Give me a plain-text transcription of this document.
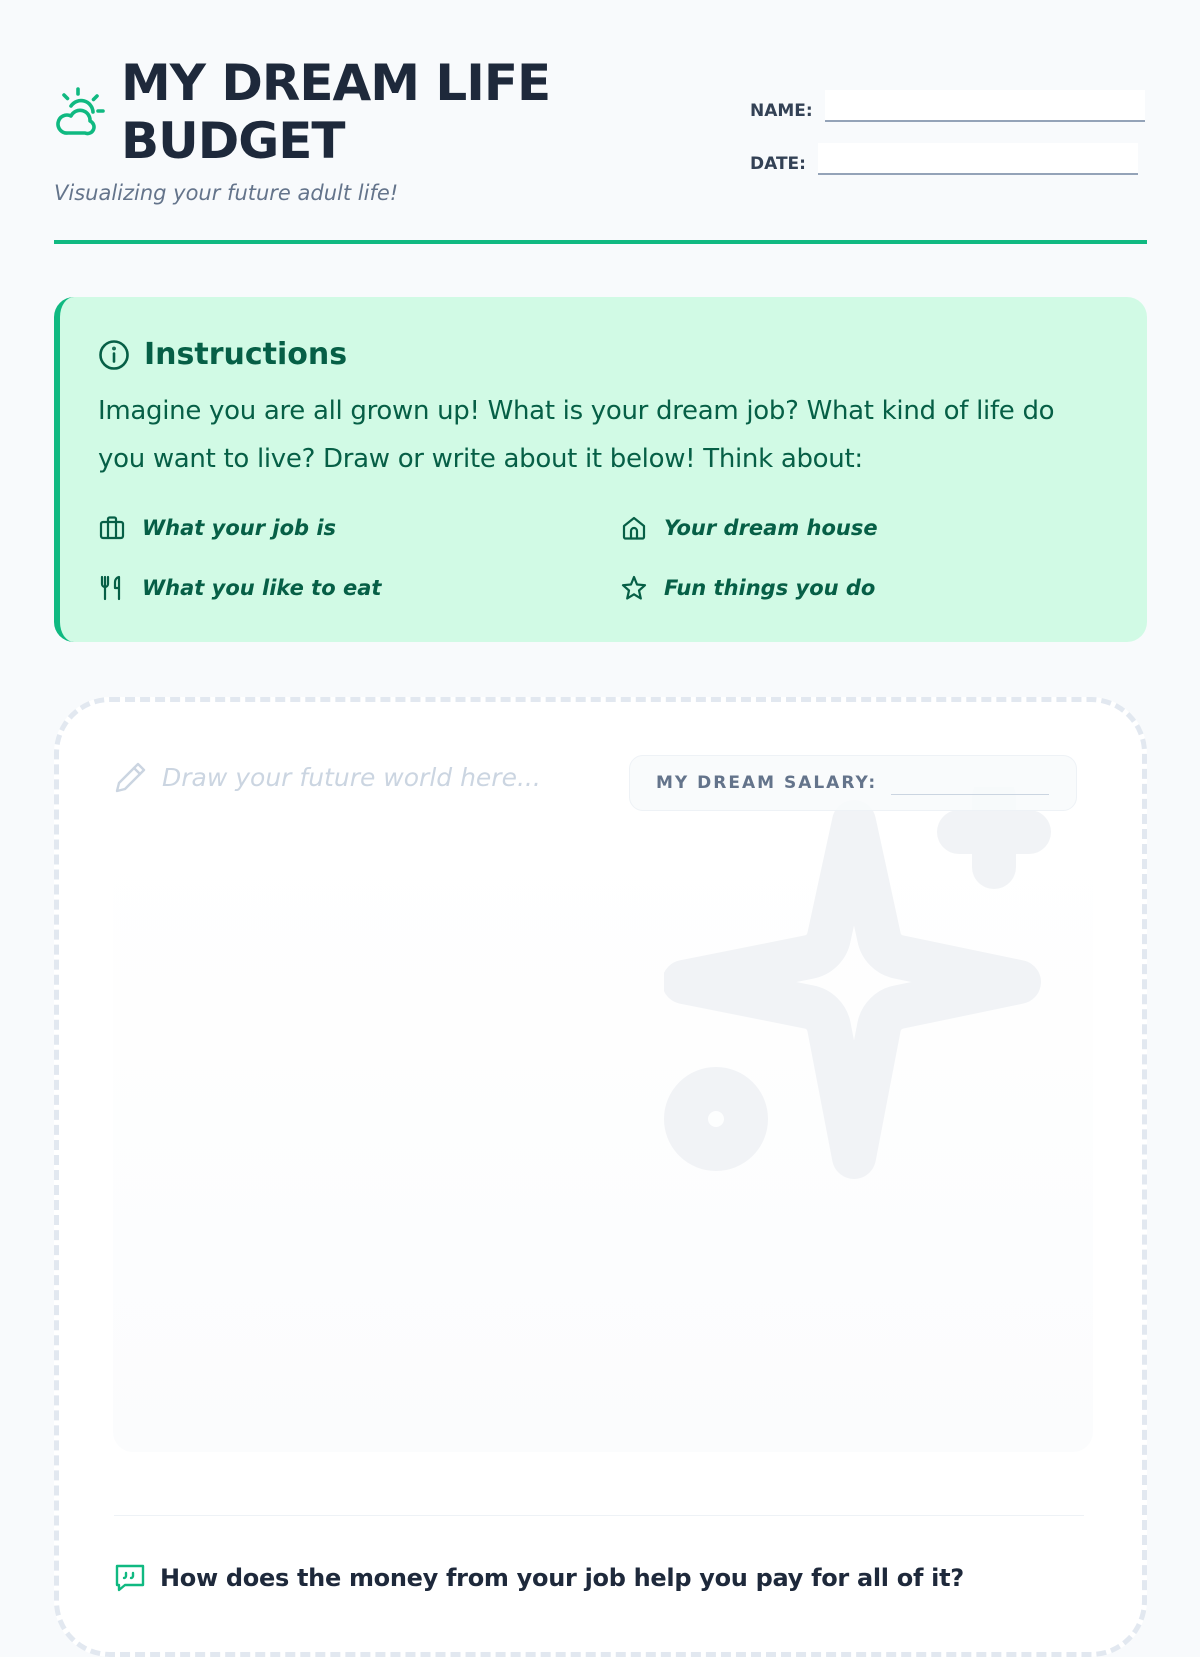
MY DREAM LIFE BUDGET
Visualizing your future adult life!
NAME:
DATE:
Instructions

Imagine you are all grown up! What is your dream job? What kind of life do you want to live? Draw or write about it below! Think about:

What your job is	Your dream house
What you like to eat	Fun things you do
Draw your future world here...	MY DREAM SALARY:
How does the money from your job help you pay for all of it?
